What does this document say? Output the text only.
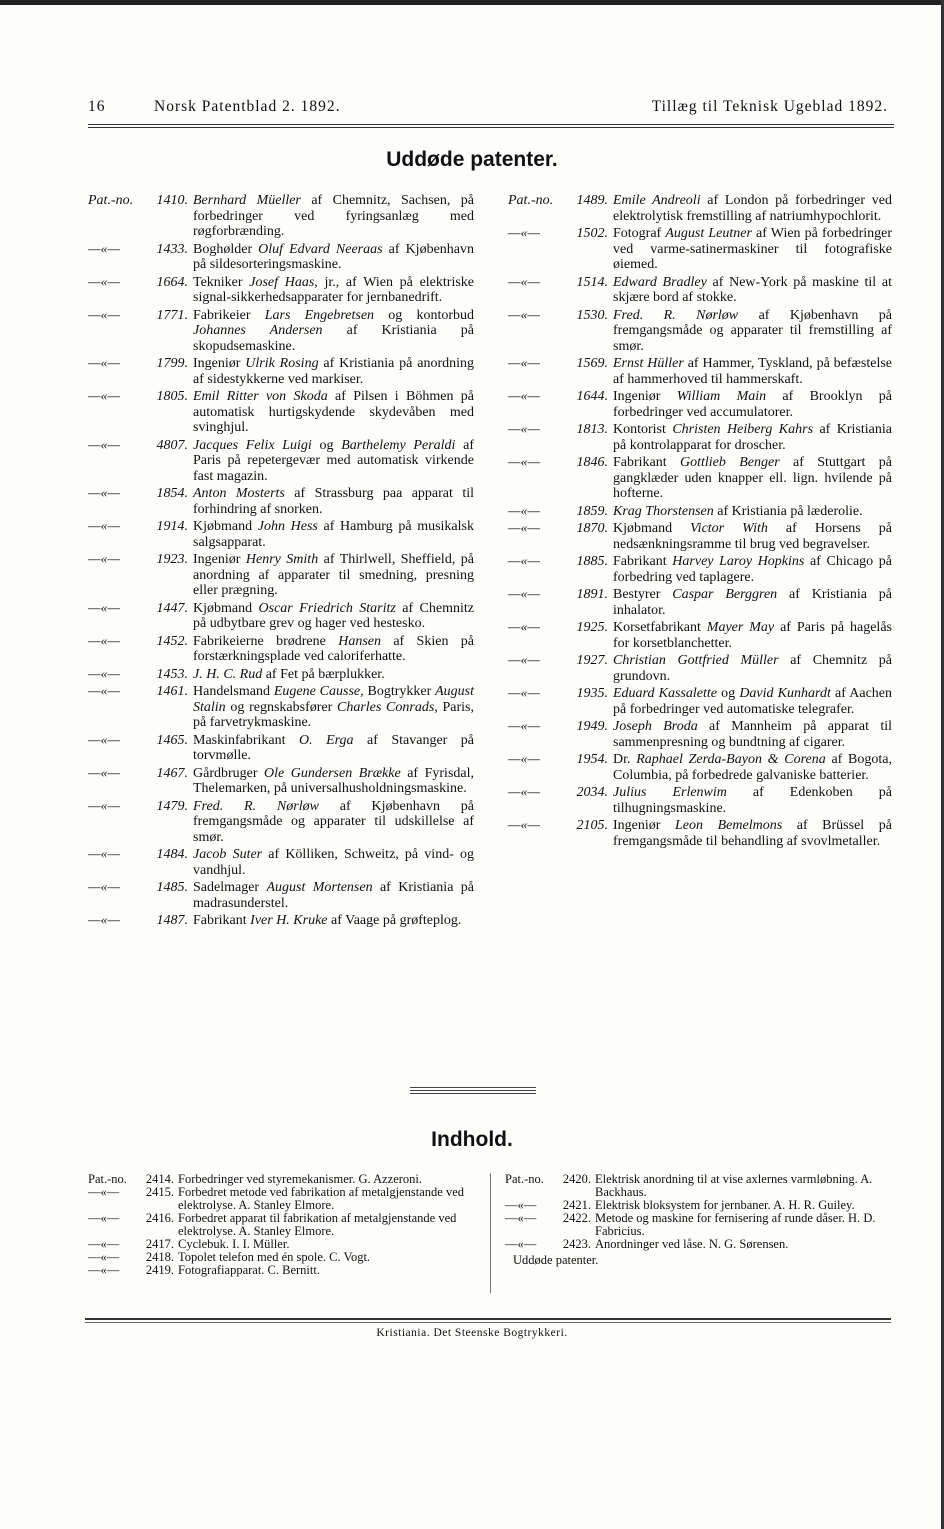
16	Norsk Patentblad 2. 1892.	Tillæg til Teknisk Ugeblad 1892.
Uddøde patenter.
Pat.-no. 1410. Bernhard Müeller af Chemnitz, Sachsen, på forbedringer ved fyringsanlæg med røgforbrænding.
—«—	1433. Boghølder Oluf Edvard Neeraas af Kjøbenhavn på sildesorteringsmaskine.
—«—	1664. Tekniker Josef Haas, jr., af Wien på elektriske signal-sikkerhedsapparater for jernbanedrift.
—«—	1771. Fabrikeier Lars Engebretsen og kontorbud Johannes Andersen af Kristiania på skopudsemaskine.
—«—	1799. Ingeniør Ulrik Rosing af Kristiania på anordning af sidestykkerne ved markiser.
—«—	1805. Emil Ritter von Skoda af Pilsen i Böhmen på automatisk hurtigskydende skydevåben med svinghjul.
—«—	4807. Jacques Felix Luigi og Barthelemy Peraldi af Paris på repetergevær med automatisk virkende fast magazin.
—«—	1854. Anton Mosterts af Strassburg paa apparat til forhindring af snorken.
—«—	1914. Kjøbmand John Hess af Hamburg på musikalsk salgsapparat.
—«—	1923. Ingeniør Henry Smith af Thirlwell, Sheffield, på anordning af apparater til smedning, presning eller prægning.
—«—	1447. Kjøbmand Oscar Friedrich Staritz af Chemnitz på udbytbare grev og hager ved hestesko.
—«—	1452. Fabrikeierne brødrene Hansen af Skien på forstærkningsplade ved caloriferhatte.
—«—	1453. J. H. C. Rud af Fet på bærplukker.
—«—	1461. Handelsmand Eugene Causse, Bogtrykker August Stalin og regnskabsfører Charles Conrads, Paris, på farvetrykmaskine.
—«—	1465. Maskinfabrikant O. Erga af Stavanger på torvmølle.
—«—	1467. Gårdbruger Ole Gundersen Brække af Fyrisdal, Thelemarken, på universalhusholdningsmaskine.
—«—	1479. Fred. R. Nørløw af Kjøbenhavn på fremgangsmåde og apparater til udskillelse af smør.
—«—	1484. Jacob Suter af Kölliken, Schweitz, på vind- og vandhjul.
—«—	1485. Sadelmager August Mortensen af Kristiania på madrasunderstel.
—«—	1487. Fabrikant Iver H. Kruke af Vaage på grøfteplog.
Pat.-no. 1489. Emile Andreoli af London på forbedringer ved elektrolytisk fremstilling af natriumhypochlorit.
—«—	1502. Fotograf August Leutner af Wien på forbedringer ved varme-satinermaskiner til fotografiske øiemed.
—«—	1514. Edward Bradley af New-York på maskine til at skjære bord af stokke.
—«—	1530. Fred. R. Nørløw af Kjøbenhavn på fremgangsmåde og apparater til fremstilling af smør.
—«—	1569. Ernst Hüller af Hammer, Tyskland, på befæstelse af hammerhoved til hammerskaft.
—«—	1644. Ingeniør William Main af Brooklyn på forbedringer ved accumulatorer.
—«—	1813. Kontorist Christen Heiberg Kahrs af Kristiania på kontrolapparat for droscher.
—«—	1846. Fabrikant Gottlieb Benger af Stuttgart på gangklæder uden knapper ell. lign. hvilende på hofterne.
—«—	1859. Krag Thorstensen af Kristiania på læderolie.
—«—	1870. Kjøbmand Victor With af Horsens på nedsænkningsramme til brug ved begravelser.
—«—	1885. Fabrikant Harvey Laroy Hopkins af Chicago på forbedring ved taplagere.
—«—	1891. Bestyrer Caspar Berggren af Kristiania på inhalator.
—«—	1925. Korsetfabrikant Mayer May af Paris på hagelås for korsetblanchetter.
—«—	1927. Christian Gottfried Müller af Chemnitz på grundovn.
—«—	1935. Eduard Kassalette og David Kunhardt af Aachen på forbedringer ved automatiske telegrafer.
—«—	1949. Joseph Broda af Mannheim på apparat til sammenpresning og bundtning af cigarer.
—«—	1954. Dr. Raphael Zerda-Bayon & Corena af Bogota, Columbia, på forbedrede galvaniske batterier.
—«—	2034. Julius Erlenwim af Edenkoben på tilhugningsmaskine.
—«—	2105. Ingeniør Leon Bemelmons af Brüssel på fremgangsmåde til behandling af svovlmetaller.
Indhold.
Pat.-no. 2414. Forbedringer ved styremekanismer. G. Azzeroni.
—«— 2415. Forbedret metode ved fabrikation af metalgjenstande ved elektrolyse. A. Stanley Elmore.
—«— 2416. Forbedret apparat til fabrikation af metalgjenstande ved elektrolyse. A. Stanley Elmore.
—«— 2417. Cyclebuk. I. I. Müller.
—«— 2418. Topolet telefon med én spole. C. Vogt.
—«— 2419. Fotografiapparat. C. Bernitt.
Pat.-no. 2420. Elektrisk anordning til at vise axlernes varmløbning. A. Backhaus.
—«— 2421. Elektrisk bloksystem for jernbaner. A. H. R. Guiley.
—«— 2422. Metode og maskine for fernisering af runde dåser. H. D. Fabricius.
—«— 2423. Anordninger ved låse. N. G. Sørensen.
Uddøde patenter.
Kristiania. Det Steenske Bogtrykkeri.
